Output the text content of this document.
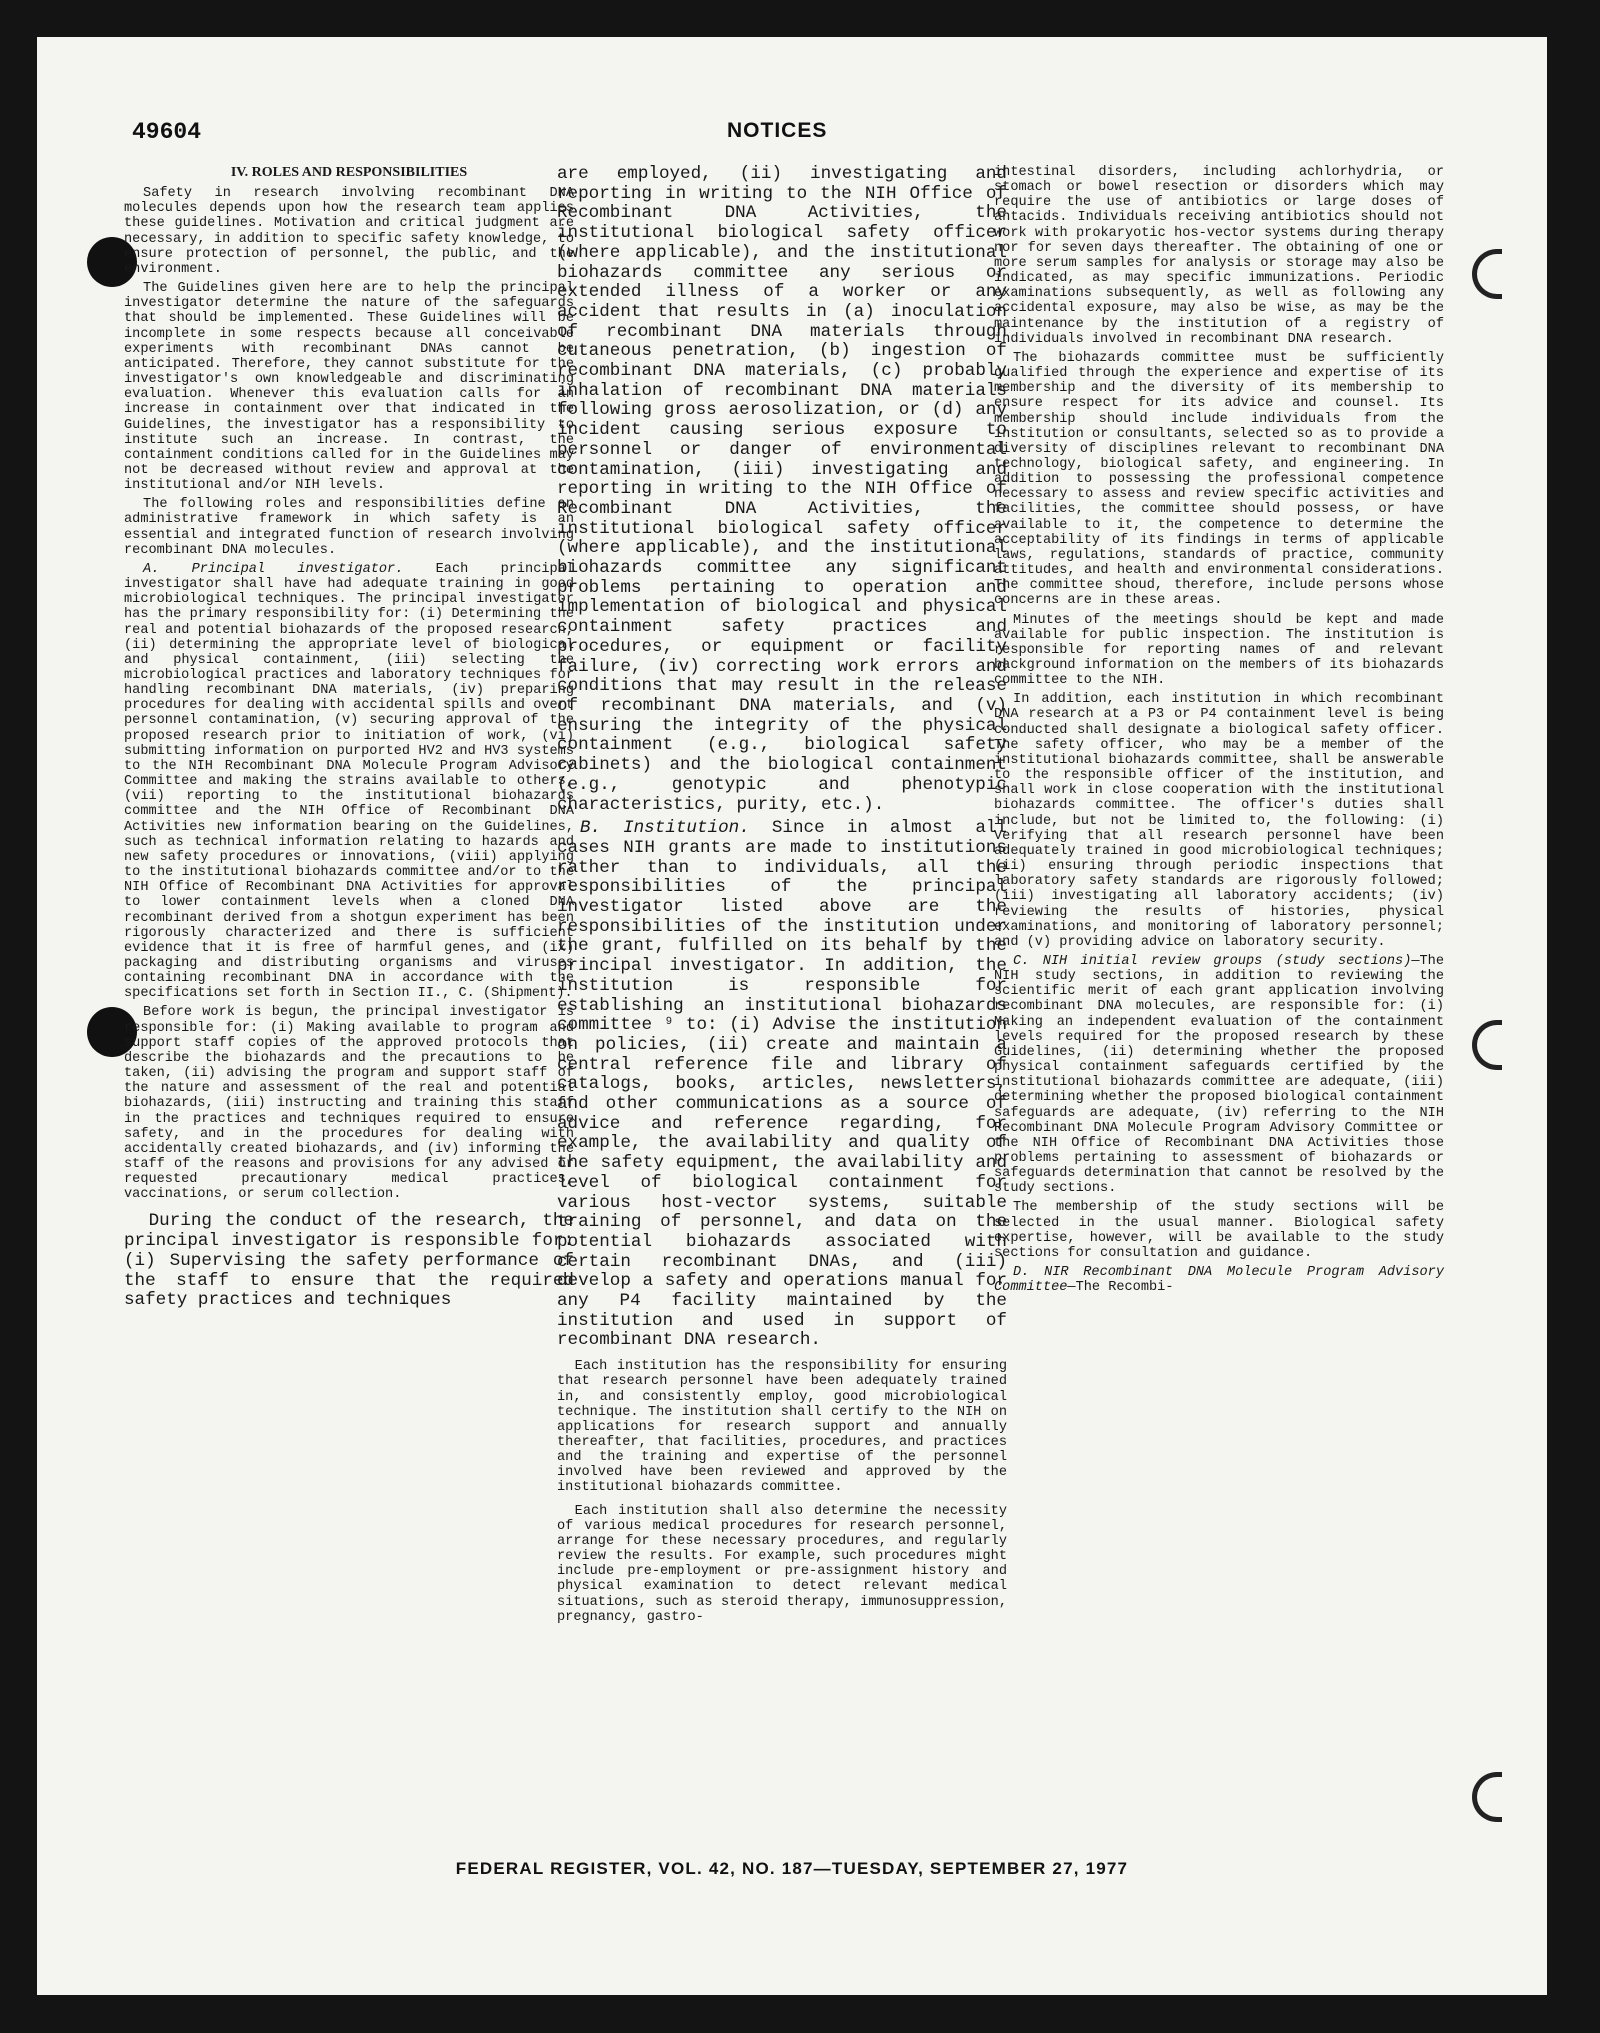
49604	NOTICES

IV. ROLES AND RESPONSIBILITIES

Safety in research involving recombinant DNA molecules depends upon how the research team applies these guidelines. Motivation and critical judgment are necessary, in addition to specific safety knowledge, to ensure protection of personnel, the public, and the environment.

The Guidelines given here are to help the principal investigator determine the nature of the safeguards that should be implemented. These Guidelines will be incomplete in some respects because all conceivable experiments with recombinant DNAs cannot be anticipated. Therefore, they cannot substitute for the investigator's own knowledgeable and discriminating evaluation. Whenever this evaluation calls for an increase in containment over that indicated in the Guidelines, the investigator has a responsibility to institute such an increase. In contrast, the containment conditions called for in the Guidelines may not be decreased without review and approval at the institutional and/or NIH levels.

The following roles and responsibilities define an administrative framework in which safety is an essential and integrated function of research involving recombinant DNA molecules.

A. Principal investigator. Each principal investigator shall have had adequate training in good microbiological techniques. The principal investigator has the primary responsibility for: (i) Determining the real and potential biohazards of the proposed research, (ii) determining the appropriate level of biological and physical containment, (iii) selecting the microbiological practices and laboratory techniques for handling recombinant DNA materials, (iv) preparing procedures for dealing with accidental spills and overt personnel contamination, (v) securing approval of the proposed research prior to initiation of work, (vi) submitting information on purported HV2 and HV3 systems to the NIH Recombinant DNA Molecule Program Advisory Committee and making the strains available to others, (vii) reporting to the institutional biohazards committee and the NIH Office of Recombinant DNA Activities new information bearing on the Guidelines, such as technical information relating to hazards and new safety procedures or innovations, (viii) applying to the institutional biohazards committee and/or to the NIH Office of Recombinant DNA Activities for approval to lower containment levels when a cloned DNA recombinant derived from a shotgun experiment has been rigorously characterized and there is sufficient evidence that it is free of harmful genes, and (ix) packaging and distributing organisms and viruses containing recombinant DNA in accordance with the specifications set forth in Section II., C. (Shipment).

Before work is begun, the principal investigator is responsible for: (i) Making available to program and support staff copies of the approved protocols that describe the biohazards and the precautions to be taken, (ii) advising the program and support staff of the nature and assessment of the real and potential biohazards, (iii) instructing and training this staff in the practices and techniques required to ensure safety, and in the procedures for dealing with accidentally created biohazards, and (iv) informing the staff of the reasons and provisions for any advised or requested precautionary medical practices, vaccinations, or serum collection.

During the conduct of the research, the principal investigator is responsible for: (i) Supervising the safety performance of the staff to ensure that the required safety practices and techniques

are employed, (ii) investigating and reporting in writing to the NIH Office of Recombinant DNA Activities, the institutional biological safety officer (where applicable), and the institutional biohazards committee any serious or extended illness of a worker or any accident that results in (a) inoculation of recombinant DNA materials through cutaneous penetration, (b) ingestion of recombinant DNA materials, (c) probably inhalation of recombinant DNA materials following gross aerosolization, or (d) any incident causing serious exposure to personnel or danger of environmental contamination, (iii) investigating and reporting in writing to the NIH Office of Recombinant DNA Activities, the institutional biological safety officer (where applicable), and the institutional biohazards committee any significant problems pertaining to operation and implementation of biological and physical containment safety practices and procedures, or equipment or facility failure, (iv) correcting work errors and conditions that may result in the release of recombinant DNA materials, and (v) ensuring the integrity of the physical containment (e.g., biological safety cabinets) and the biological containment (e.g., genotypic and phenotypic characteristics, purity, etc.).

B. Institution. Since in almost all cases NIH grants are made to institutions rather than to individuals, all the responsibilities of the principal investigator listed above are the responsibilities of the institution under the grant, fulfilled on its behalf by the principal investigator. In addition, the institution is responsible for establishing an institutional biohazards committee ⁹ to: (i) Advise the institution on policies, (ii) create and maintain a central reference file and library of catalogs, books, articles, newsletters, and other communications as a source of advice and reference regarding, for example, the availability and quality of the safety equipment, the availability and level of biological containment for various host-vector systems, suitable training of personnel, and data on the potential biohazards associated with certain recombinant DNAs, and (iii) develop a safety and operations manual for any P4 facility maintained by the institution and used in support of recombinant DNA research.

Each institution has the responsibility for ensuring that research personnel have been adequately trained in, and consistently employ, good microbiological technique. The institution shall certify to the NIH on applications for research support and annually thereafter, that facilities, procedures, and practices and the training and expertise of the personnel involved have been reviewed and approved by the institutional biohazards committee.

Each institution shall also determine the necessity of various medical procedures for research personnel, arrange for these necessary procedures, and regularly review the results. For example, such procedures might include pre-employment or pre-assignment history and physical examination to detect relevant medical situations, such as steroid therapy, immunosuppression, pregnancy, gastro-

intestinal disorders, including achlorhydria, or stomach or bowel resection or disorders which may require the use of antibiotics or large doses of antacids. Individuals receiving antibiotics should not work with prokaryotic hos-vector systems during therapy nor for seven days thereafter. The obtaining of one or more serum samples for analysis or storage may also be indicated, as may specific immunizations. Periodic examinations subsequently, as well as following any accidental exposure, may also be wise, as may be the maintenance by the institution of a registry of individuals involved in recombinant DNA research.

The biohazards committee must be sufficiently qualified through the experience and expertise of its membership and the diversity of its membership to ensure respect for its advice and counsel. Its membership should include individuals from the institution or consultants, selected so as to provide a diversity of disciplines relevant to recombinant DNA technology, biological safety, and engineering. In addition to possessing the professional competence necessary to assess and review specific activities and facilities, the committee should possess, or have available to it, the competence to determine the acceptability of its findings in terms of applicable laws, regulations, standards of practice, community attitudes, and health and environmental considerations. The committee shoud, therefore, include persons whose concerns are in these areas.

Minutes of the meetings should be kept and made available for public inspection. The institution is responsible for reporting names of and relevant background information on the members of its biohazards committee to the NIH.

In addition, each institution in which recombinant DNA research at a P3 or P4 containment level is being conducted shall designate a biological safety officer. The safety officer, who may be a member of the institutional biohazards committee, shall be answerable to the responsible officer of the institution, and shall work in close cooperation with the institutional biohazards committee. The officer's duties shall include, but not be limited to, the following: (i) Verifying that all research personnel have been adequately trained in good microbiological techniques; (ii) ensuring through periodic inspections that laboratory safety standards are rigorously followed; (iii) investigating all laboratory accidents; (iv) reviewing the results of histories, physical examinations, and monitoring of laboratory personnel; and (v) providing advice on laboratory security.

C. NIH initial review groups (study sections)—The NIH study sections, in addition to reviewing the scientific merit of each grant application involving recombinant DNA molecules, are responsible for: (i) Making an independent evaluation of the containment levels required for the proposed research by these Guidelines, (ii) determining whether the proposed physical containment safeguards certified by the institutional biohazards committee are adequate, (iii) determining whether the proposed biological containment safeguards are adequate, (iv) referring to the NIH Recombinant DNA Molecule Program Advisory Committee or the NIH Office of Recombinant DNA Activities those problems pertaining to assessment of biohazards or safeguards determination that cannot be resolved by the study sections.

The membership of the study sections will be selected in the usual manner. Biological safety expertise, however, will be available to the study sections for consultation and guidance.

D. NIR Recombinant DNA Molecule Program Advisory Committee—The Recombi-

FEDERAL REGISTER, VOL. 42, NO. 187—TUESDAY, SEPTEMBER 27, 1977
